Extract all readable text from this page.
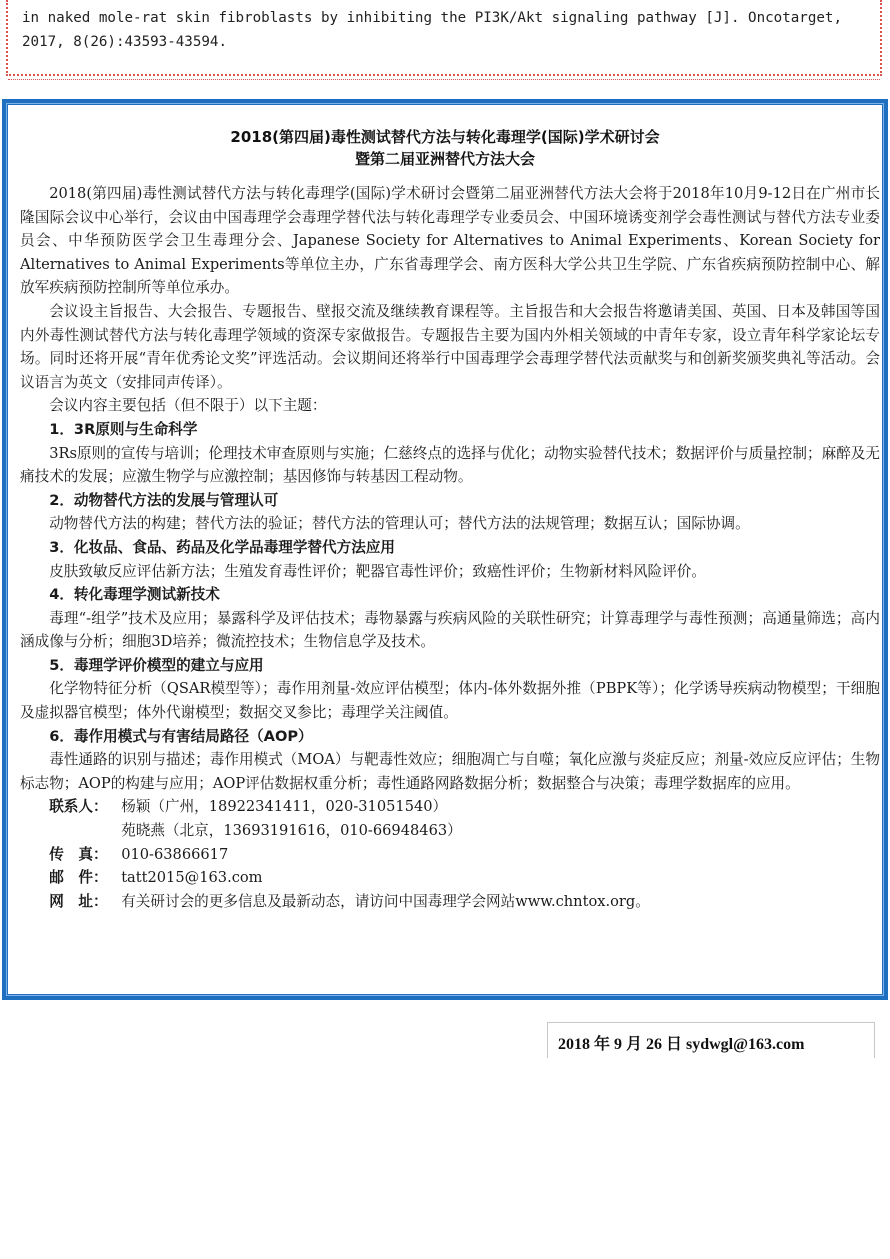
in naked mole-rat skin fibroblasts by inhibiting the PI3K/Akt signaling pathway [J]. Oncotarget,
2017, 8(26):43593-43594.
2018(第四届)毒性测试替代方法与转化毒理学(国际)学术研讨会
暨第二届亚洲替代方法大会

2018(第四届)毒性测试替代方法与转化毒理学(国际)学术研讨会暨第二届亚洲替代方法大会将于2018年10月9-12日在广州市长隆国际会议中心举行，会议由中国毒理学会毒理学替代法与转化毒理学专业委员会、中国环境诱变剂学会毒性测试与替代方法专业委员会、中华预防医学会卫生毒理分会、Japanese Society for Alternatives to Animal Experiments、Korean Society for Alternatives to Animal Experiments等单位主办，广东省毒理学会、南方医科大学公共卫生学院、广东省疾病预防控制中心、解放军疾病预防控制所等单位承办。

会议设主旨报告、大会报告、专题报告、壁报交流及继续教育课程等。主旨报告和大会报告将邀请美国、英国、日本及韩国等国内外毒性测试替代方法与转化毒理学领域的资深专家做报告。专题报告主要为国内外相关领域的中青年专家，设立青年科学家论坛专场。同时还将开展“青年优秀论文奖”评选活动。会议期间还将举行中国毒理学会毒理学替代法贡献奖与和创新奖颁奖典礼等活动。会议语言为英文（安排同声传译）。

会议内容主要包括（但不限于）以下主题：

1．3R原则与生命科学

3Rs原则的宣传与培训；伦理技术审查原则与实施；仁慈终点的选择与优化；动物实验替代技术；数据评价与质量控制；麻醉及无痛技术的发展；应激生物学与应激控制；基因修饰与转基因工程动物。

2．动物替代方法的发展与管理认可

动物替代方法的构建；替代方法的验证；替代方法的管理认可；替代方法的法规管理；数据互认；国际协调。

3．化妆品、食品、药品及化学品毒理学替代方法应用

皮肤致敏反应评估新方法；生殖发育毒性评价；靶器官毒性评价；致癌性评价；生物新材料风险评价。

4．转化毒理学测试新技术

毒理“-组学”技术及应用；暴露科学及评估技术；毒物暴露与疾病风险的关联性研究；计算毒理学与毒性预测；高通量筛选；高内涵成像与分析；细胞3D培养；微流控技术；生物信息学及技术。

5．毒理学评价模型的建立与应用

化学物特征分析（QSAR模型等）；毒作用剂量-效应评估模型；体内-体外数据外推（PBPK等）；化学诱导疾病动物模型；干细胞及虚拟器官模型；体外代谢模型；数据交叉参比；毒理学关注阈值。

6．毒作用模式与有害结局路径（AOP）

毒性通路的识别与描述；毒作用模式（MOA）与靶毒性效应；细胞凋亡与自噬；氧化应激与炎症反应；剂量-效应反应评估；生物标志物；AOP的构建与应用；AOP评估数据权重分析；毒性通路网路数据分析；数据整合与决策；毒理学数据库的应用。

联系人： 杨颖（广州，18922341411，020-31051540）

苑晓燕（北京，13693191616，010-66948463）

传　真： 010-63866617
邮　件： tatt2015@163.com
网　址： 有关研讨会的更多信息及最新动态，请访问中国毒理学会网站www.chntox.org。
2018 年 9 月 26 日 sydwgl@163.com
